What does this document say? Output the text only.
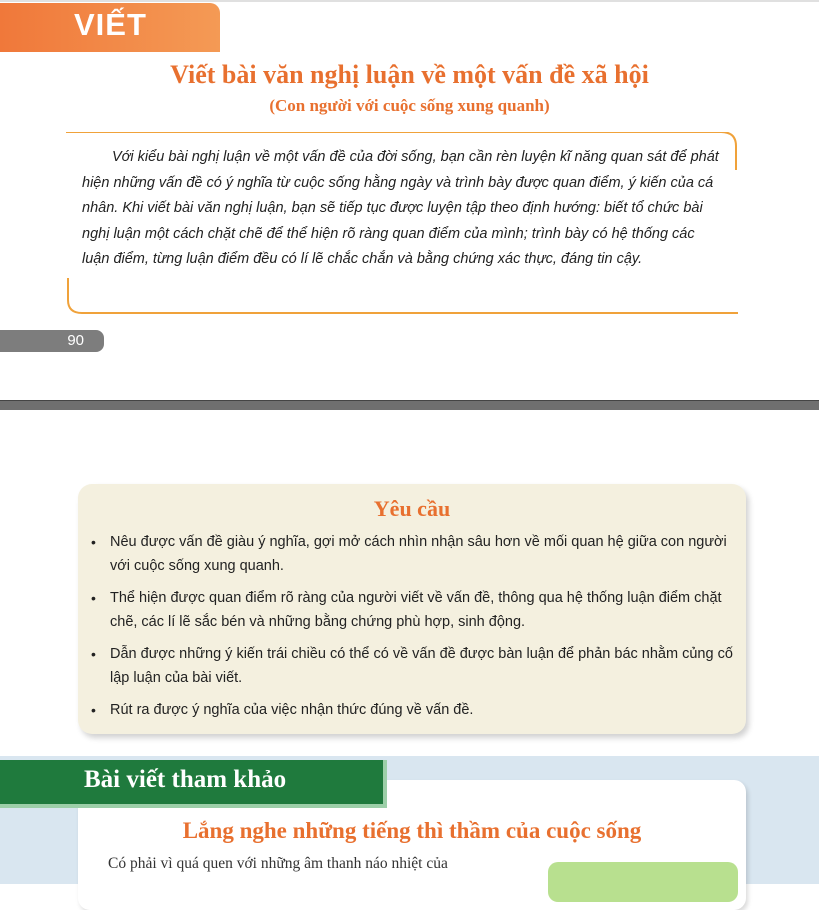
VIẾT
Viết bài văn nghị luận về một vấn đề xã hội
(Con người với cuộc sống xung quanh)
Với kiểu bài nghị luận về một vấn đề của đời sống, bạn cần rèn luyện kĩ năng quan sát để phát hiện những vấn đề có ý nghĩa từ cuộc sống hằng ngày và trình bày được quan điểm, ý kiến của cá nhân. Khi viết bài văn nghị luận, bạn sẽ tiếp tục được luyện tập theo định hướng: biết tổ chức bài nghị luận một cách chặt chẽ để thể hiện rõ ràng quan điểm của mình; trình bày có hệ thống các luận điểm, từng luận điểm đều có lí lẽ chắc chắn và bằng chứng xác thực, đáng tin cậy.
90
Yêu cầu
• Nêu được vấn đề giàu ý nghĩa, gợi mở cách nhìn nhận sâu hơn về mối quan hệ giữa con người với cuộc sống xung quanh.
• Thể hiện được quan điểm rõ ràng của người viết về vấn đề, thông qua hệ thống luận điểm chặt chẽ, các lí lẽ sắc bén và những bằng chứng phù hợp, sinh động.
• Dẫn được những ý kiến trái chiều có thể có về vấn đề được bàn luận để phản bác nhằm củng cố lập luận của bài viết.
• Rút ra được ý nghĩa của việc nhận thức đúng về vấn đề.
Bài viết tham khảo
Lắng nghe những tiếng thì thầm của cuộc sống
Có phải vì quá quen với những âm thanh náo nhiệt của
